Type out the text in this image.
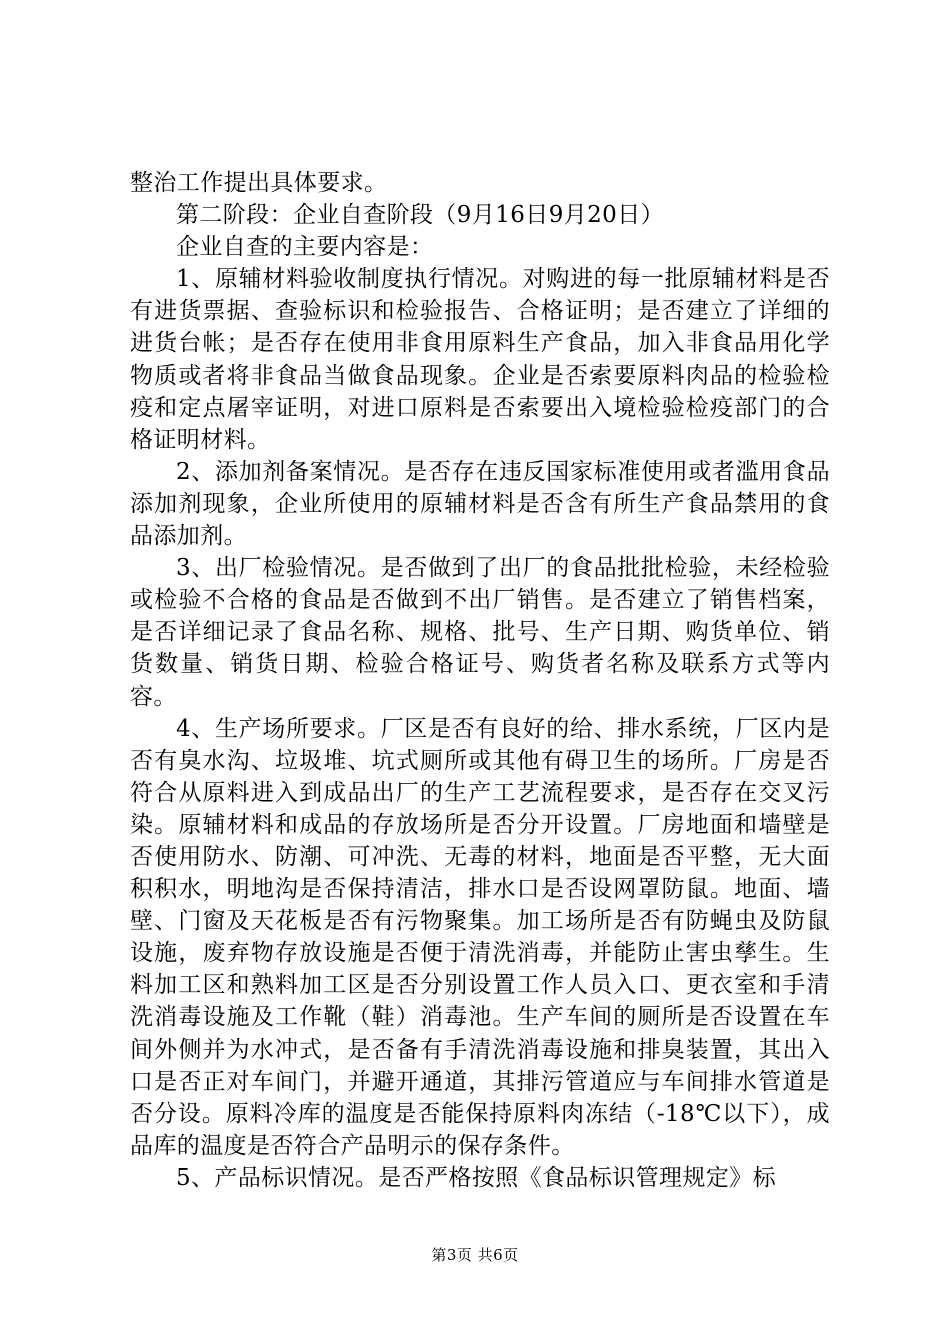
整治工作提出具体要求。

第二阶段：企业自查阶段（9月16日9月20日）

企业自查的主要内容是：

1、原辅材料验收制度执行情况。对购进的每一批原辅材料是否有进货票据、查验标识和检验报告、合格证明；是否建立了详细的进货台帐；是否存在使用非食用原料生产食品，加入非食品用化学物质或者将非食品当做食品现象。企业是否索要原料肉品的检验检疫和定点屠宰证明，对进口原料是否索要出入境检验检疫部门的合格证明材料。

2、添加剂备案情况。是否存在违反国家标准使用或者滥用食品添加剂现象，企业所使用的原辅材料是否含有所生产食品禁用的食品添加剂。

3、出厂检验情况。是否做到了出厂的食品批批检验，未经检验或检验不合格的食品是否做到不出厂销售。是否建立了销售档案，是否详细记录了食品名称、规格、批号、生产日期、购货单位、销货数量、销货日期、检验合格证号、购货者名称及联系方式等内容。

4、生产场所要求。厂区是否有良好的给、排水系统，厂区内是否有臭水沟、垃圾堆、坑式厕所或其他有碍卫生的场所。厂房是否符合从原料进入到成品出厂的生产工艺流程要求，是否存在交叉污染。原辅材料和成品的存放场所是否分开设置。厂房地面和墙壁是否使用防水、防潮、可冲洗、无毒的材料，地面是否平整，无大面积积水，明地沟是否保持清洁，排水口是否设网罩防鼠。地面、墙壁、门窗及天花板是否有污物聚集。加工场所是否有防蝇虫及防鼠设施，废弃物存放设施是否便于清洗消毒，并能防止害虫孳生。生料加工区和熟料加工区是否分别设置工作人员入口、更衣室和手清洗消毒设施及工作靴（鞋）消毒池。生产车间的厕所是否设置在车间外侧并为水冲式，是否备有手清洗消毒设施和排臭装置，其出入口是否正对车间门，并避开通道，其排污管道应与车间排水管道是否分设。原料冷库的温度是否能保持原料肉冻结（-18℃以下），成品库的温度是否符合产品明示的保存条件。

5、产品标识情况。是否严格按照《食品标识管理规定》标

第3页 共6页
